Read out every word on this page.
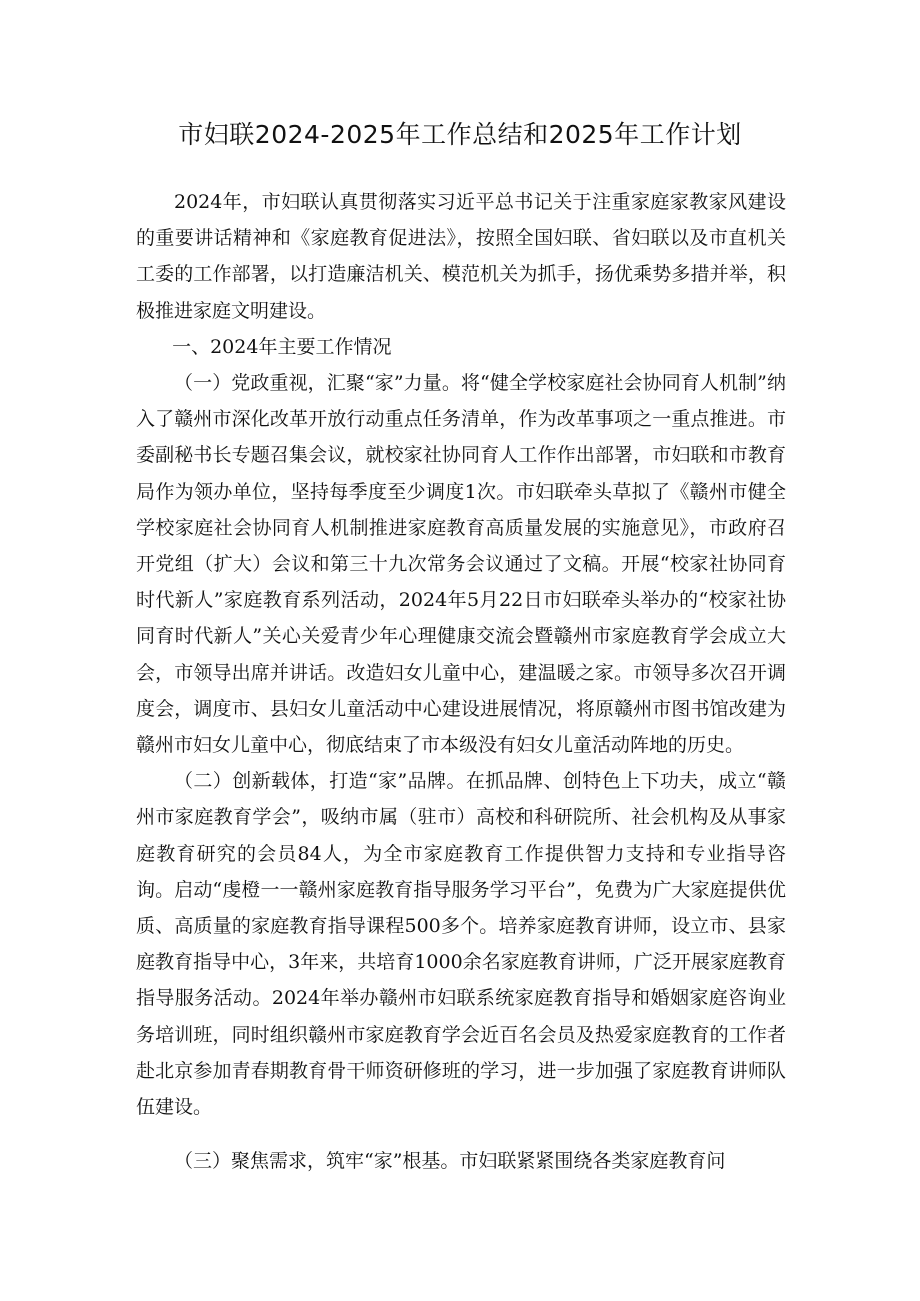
市妇联2024-2025年工作总结和2025年工作计划

2024年，市妇联认真贯彻落实习近平总书记关于注重家庭家教家风建设的重要讲话精神和《家庭教育促进法》，按照全国妇联、省妇联以及市直机关工委的工作部署，以打造廉洁机关、模范机关为抓手，扬优乘势多措并举，积极推进家庭文明建设。

一、2024年主要工作情况

（一）党政重视，汇聚“家”力量。将“健全学校家庭社会协同育人机制”纳入了赣州市深化改革开放行动重点任务清单，作为改革事项之一重点推进。市委副秘书长专题召集会议，就校家社协同育人工作作出部署，市妇联和市教育局作为领办单位，坚持每季度至少调度1次。市妇联牵头草拟了《赣州市健全学校家庭社会协同育人机制推进家庭教育高质量发展的实施意见》，市政府召开党组（扩大）会议和第三十九次常务会议通过了文稿。开展“校家社协同育时代新人”家庭教育系列活动，2024年5月22日市妇联牵头举办的“校家社协同育时代新人”关心关爱青少年心理健康交流会暨赣州市家庭教育学会成立大会，市领导出席并讲话。改造妇女儿童中心，建温暖之家。市领导多次召开调度会，调度市、县妇女儿童活动中心建设进展情况，将原赣州市图书馆改建为赣州市妇女儿童中心，彻底结束了市本级没有妇女儿童活动阵地的历史。

（二）创新载体，打造“家”品牌。在抓品牌、创特色上下功夫，成立“赣州市家庭教育学会”，吸纳市属（驻市）高校和科研院所、社会机构及从事家庭教育研究的会员84人，为全市家庭教育工作提供智力支持和专业指导咨询。启动“虔橙一一赣州家庭教育指导服务学习平台”，免费为广大家庭提供优质、高质量的家庭教育指导课程500多个。培养家庭教育讲师，设立市、县家庭教育指导中心，3年来，共培育1000余名家庭教育讲师，广泛开展家庭教育指导服务活动。2024年举办赣州市妇联系统家庭教育指导和婚姻家庭咨询业务培训班，同时组织赣州市家庭教育学会近百名会员及热爱家庭教育的工作者赴北京参加青春期教育骨干师资研修班的学习，进一步加强了家庭教育讲师队伍建设。

（三）聚焦需求，筑牢“家”根基。市妇联紧紧围绕各类家庭教育问
